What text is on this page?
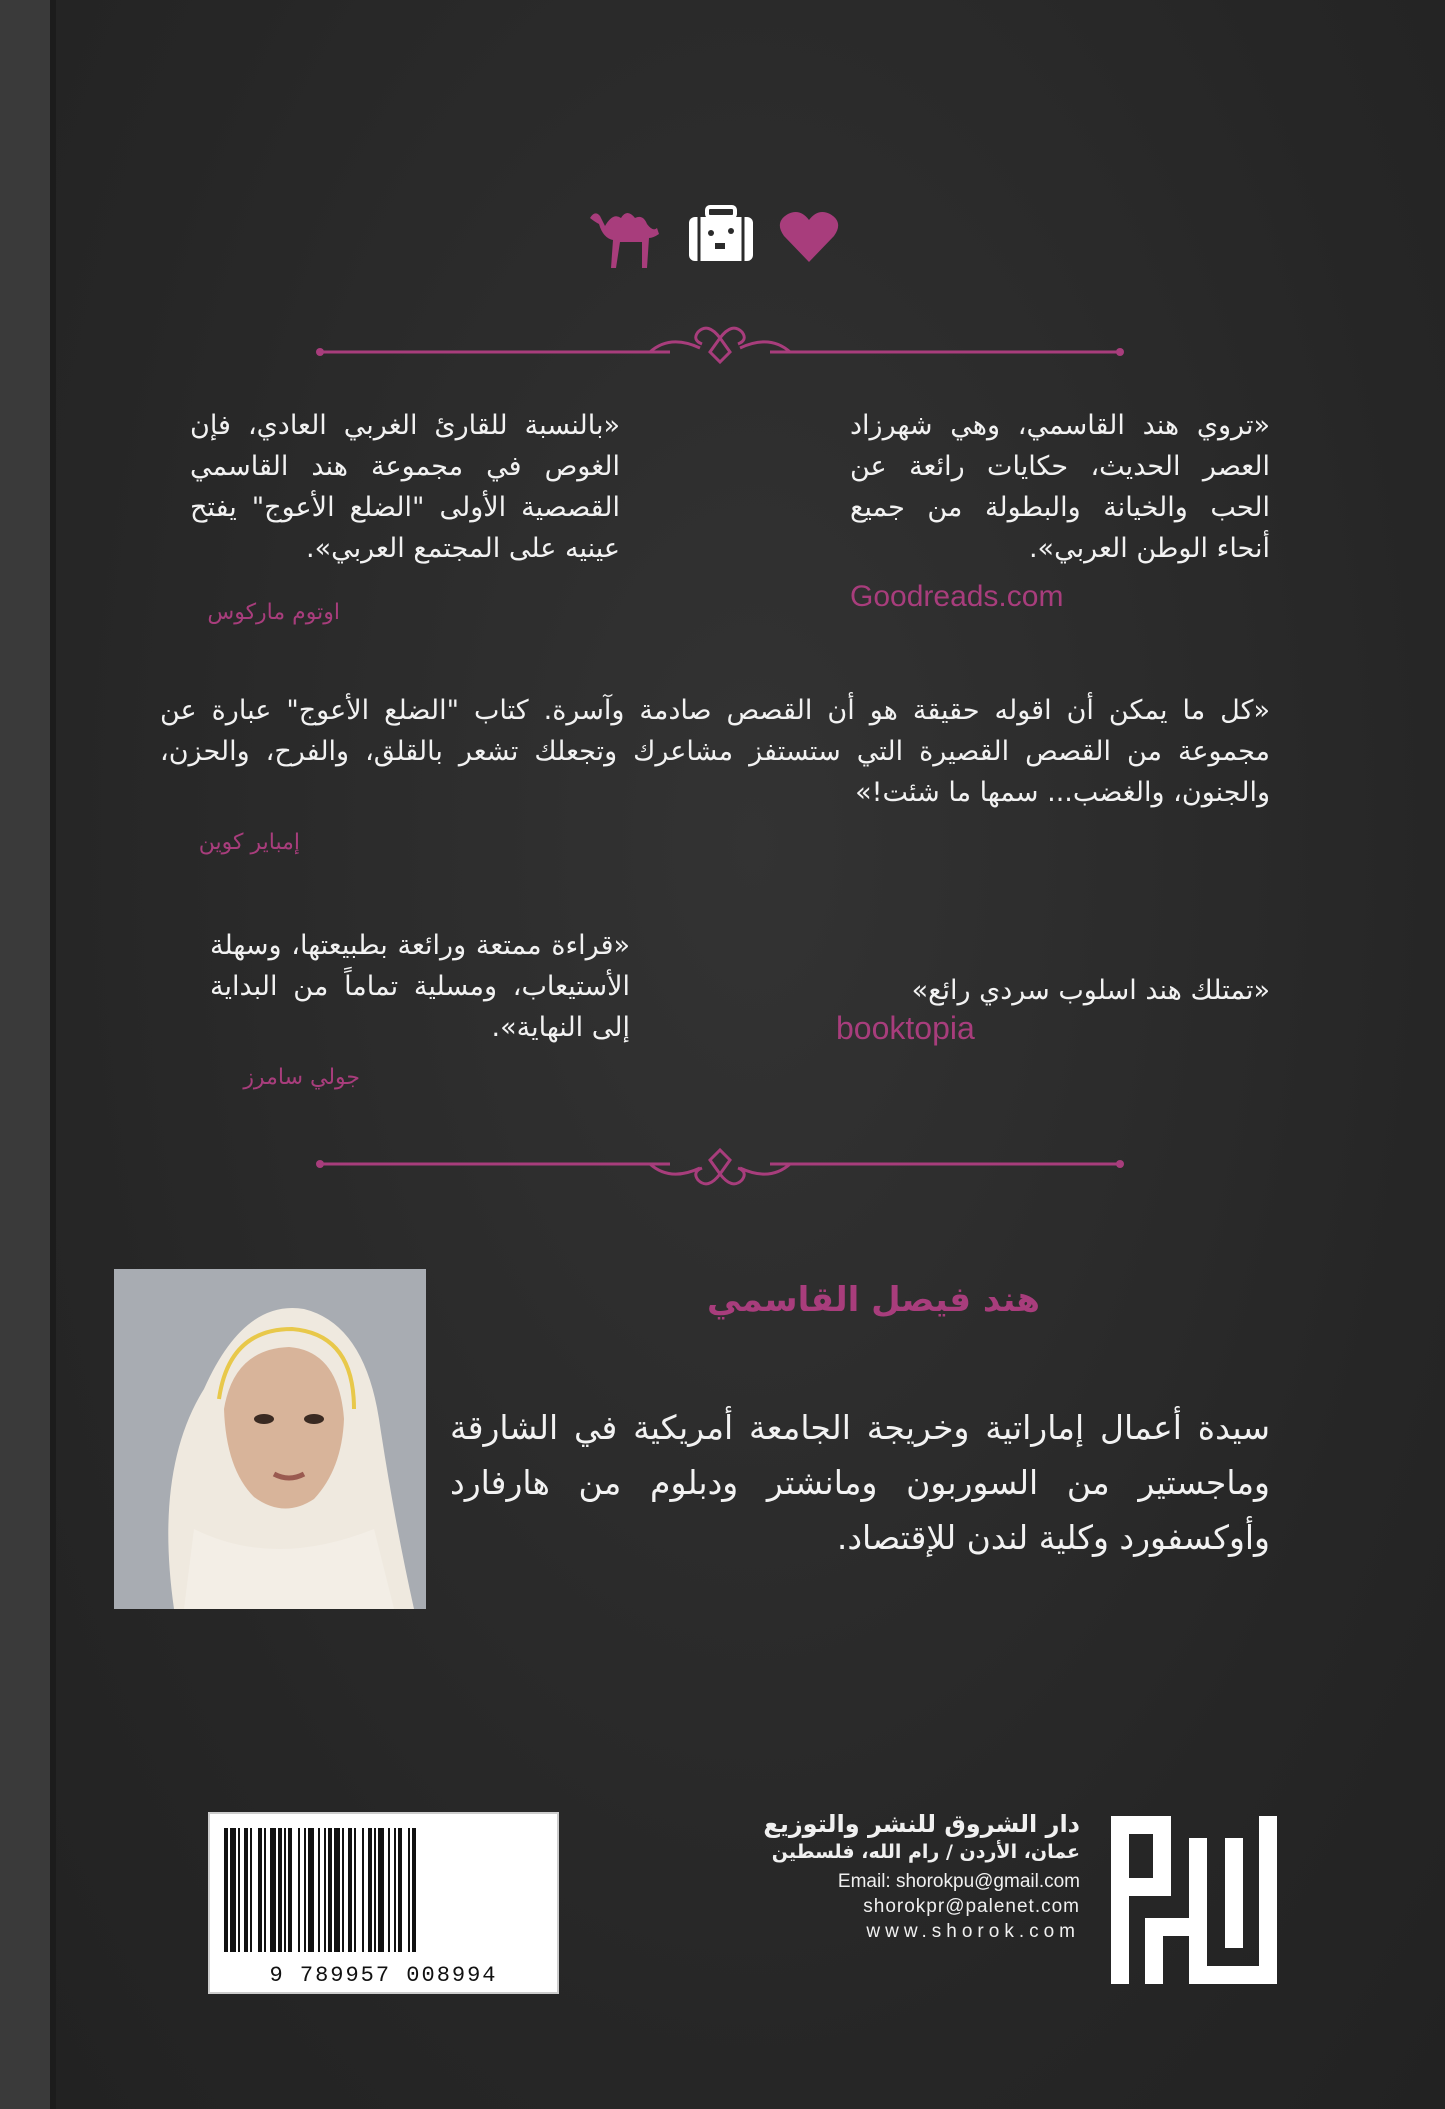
«تروي هند القاسمي، وهي شهرزاد العصر الحديث، حكايات رائعة عن الحب والخيانة والبطولة من جميع أنحاء الوطن العربي».
Goodreads.com
«بالنسبة للقارئ الغربي العادي، فإن الغوص في مجموعة هند القاسمي القصصية الأولى "الضلع الأعوج" يفتح عينيه على المجتمع العربي».
اوتوم ماركوس
«كل ما يمكن أن اقوله حقيقة هو أن القصص صادمة وآسرة. كتاب "الضلع الأعوج" عبارة عن مجموعة من القصص القصيرة التي ستستفز مشاعرك وتجعلك تشعر بالقلق، والفرح، والحزن، والجنون، والغضب... سمها ما شئت!»
إمباير كوين
«تمتلك هند اسلوب سردي رائع»
booktopia
«قراءة ممتعة ورائعة بطبيعتها، وسهلة الأستيعاب، ومسلية تماماً من البداية إلى النهاية».
جولي سامرز
هند فيصل القاسمي
سيدة أعمال إماراتية وخريجة الجامعة أمريكية في الشارقة وماجستير من السوربون ومانشتر ودبلوم من هارفارد وأوكسفورد وكلية لندن للإقتصاد.
9 789957 008994
دار الشروق للنشر والتوزيع
عمان، الأردن / رام الله، فلسطين
Email: shorokpu@gmail.com
shorokpr@palenet.com
www.shorok.com
